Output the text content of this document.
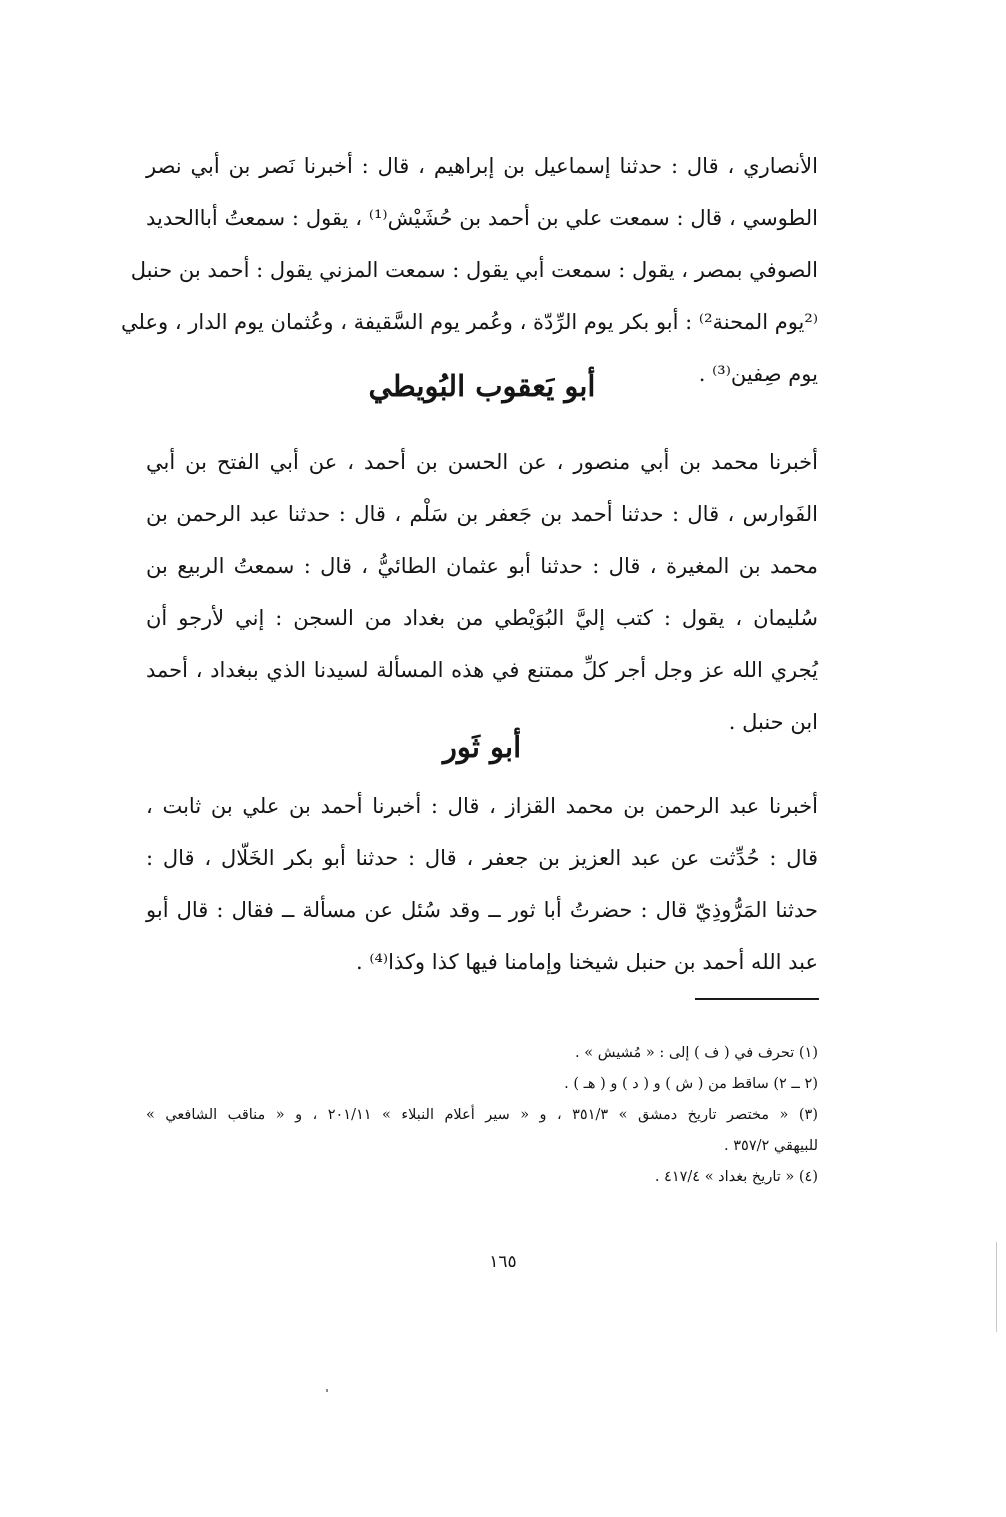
الأنصاري ، قال : حدثنا إسماعيل بن إبراهيم ، قال : أخبرنا نَصر بن أبي نصر

الطوسي ، قال : سمعت علي بن أحمد بن حُشَيْش⁽¹⁾ ، يقول : سمعتُ أباالحديد

الصوفي بمصر ، يقول : سمعت أبي يقول : سمعت المزني يقول : أحمد بن حنبل

⁽²يوم المحنة²⁾ : أبو بكر يوم الرِّدّة ، وعُمر يوم السَّقيفة ، وعُثمان يوم الدار ، وعلي

يوم صِفين⁽³⁾ .

أبو يَعقوب البُويطي

أخبرنا محمد بن أبي منصور ، عن الحسن بن أحمد ، عن أبي الفتح بن أبي

الفَوارس ، قال : حدثنا أحمد بن جَعفر بن سَلْم ، قال : حدثنا عبد الرحمن بن

محمد بن المغيرة ، قال : حدثنا أبو عثمان الطائيُّ ، قال : سمعتُ الربيع بن

سُليمان ، يقول : كتب إليَّ البُوَيْطي من بغداد من السجن : إني لأرجو أن

يُجري الله عز وجل أجر كلِّ ممتنع في هذه المسألة لسيدنا الذي ببغداد ، أحمد

ابن حنبل .

أبو ثَور

أخبرنا عبد الرحمن بن محمد القزاز ، قال : أخبرنا أحمد بن علي بن ثابت ،

قال : حُدِّثت عن عبد العزيز بن جعفر ، قال : حدثنا أبو بكر الخَلّال ، قال :

حدثنا المَرُّوذِيّ قال : حضرتُ أبا ثور ــ وقد سُئل عن مسألة ــ فقال : قال أبو

عبد الله أحمد بن حنبل شيخنا وإمامنا فيها كذا وكذا⁽⁴⁾ .

(١) تحرف في ( ف ) إلى : « مُشيش » .

(٢ ــ ٢) ساقط من ( ش ) و ( د ) و ( هـ ) .

(٣) « مختصر تاريخ دمشق » ٣٥١/٣ ، و « سير أعلام النبلاء » ٢٠١/١١ ، و « مناقب الشافعي »

للبيهقي ٣٥٧/٢ .

(٤) « تاريخ بغداد » ٤١٧/٤ .

١٦٥
